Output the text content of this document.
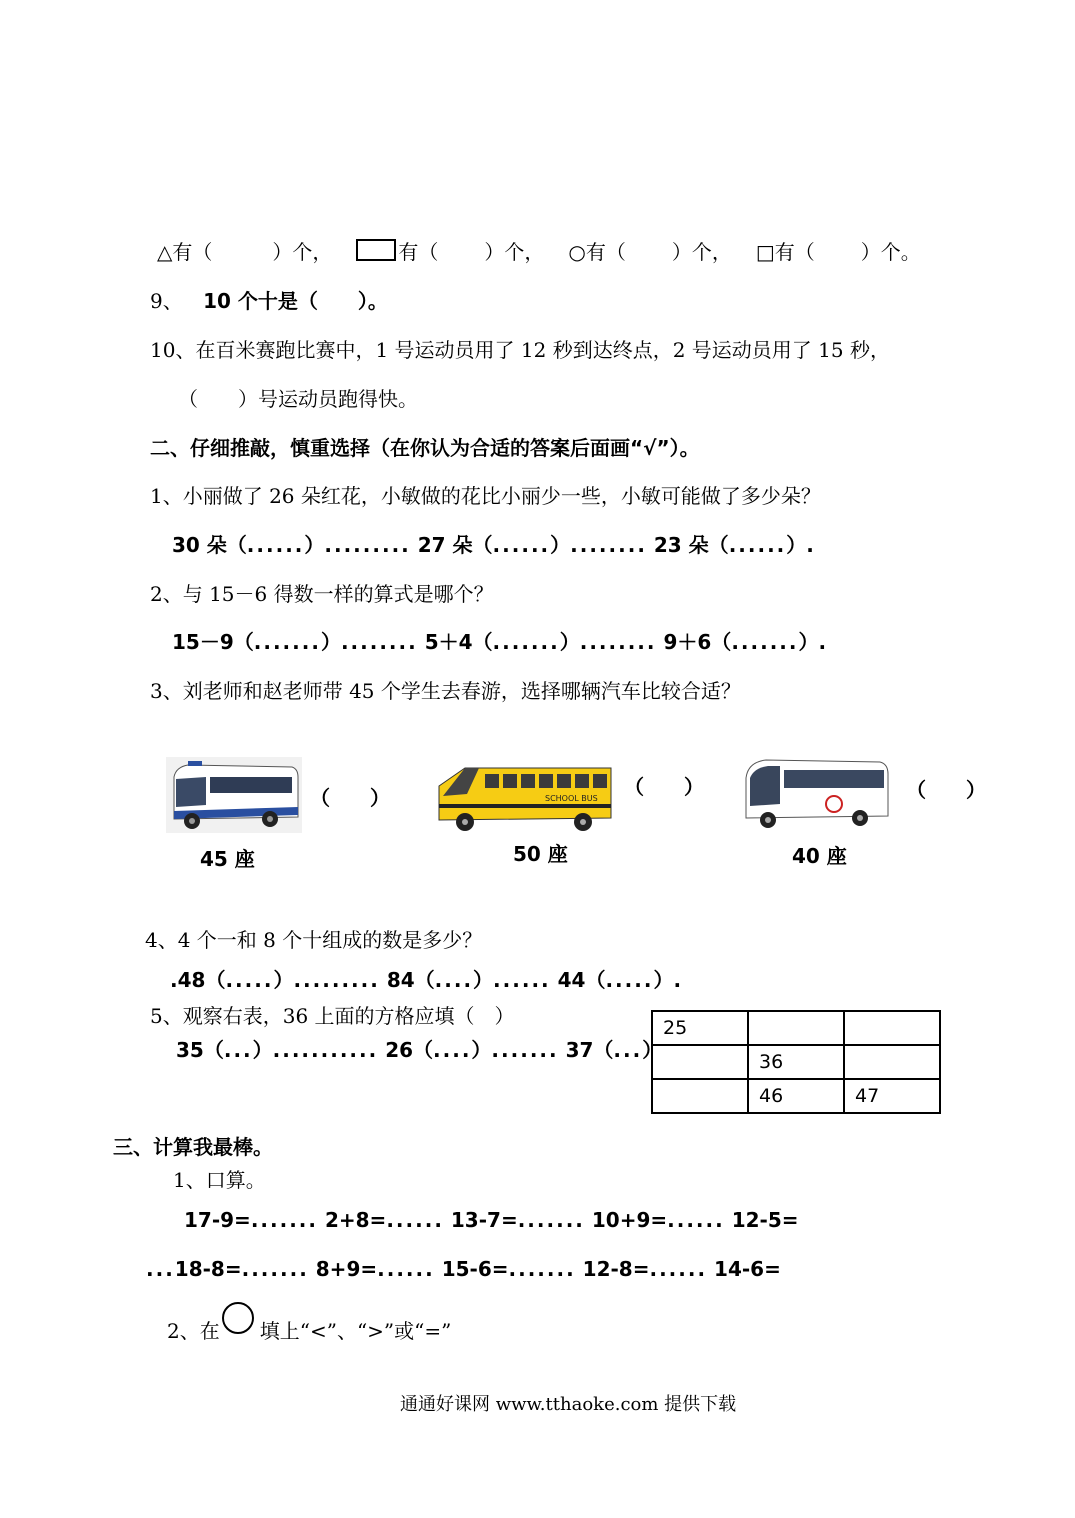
△有（	）个，	有（ ）个， ○有（ ）个， □有（ ）个。
9、 10 个十是（　　）。
10、在百米赛跑比赛中，1 号运动员用了 12 秒到达终点，2 号运动员用了 15 秒，
（　　）号运动员跑得快。
二、仔细推敲，慎重选择（在你认为合适的答案后面画“√”）。
1、小丽做了 26 朵红花，小敏做的花比小丽少一些，小敏可能做了多少朵？
30 朵（......）......... 27 朵（......）........ 23 朵（......）.
2、与 15－6 得数一样的算式是哪个？
15－9（.......）........ 5＋4（.......）........ 9＋6（.......）.
3、刘老师和赵老师带 45 个学生去春游，选择哪辆汽车比较合适？
（　　）
45 座
SCHOOL BUS （　　）
50 座
（　　）
40 座
4、4 个一和 8 个十组成的数是多少？
.48（.....）......... 84（....）...... 44（.....）.
5、观察右表，36 上面的方格应填（　）
35（...）........... 26（....）....... 37（...）
25		
	36	
	46	47
三、计算我最棒。
1、口算。
17-9=....... 2+8=...... 13-7=....... 10+9=...... 12-5=
...18-8=....... 8+9=...... 15-6=....... 12-8=...... 14-6=
2、在 填上“<”、“>”或“=”
通通好课网 www.tthaoke.com 提供下载
